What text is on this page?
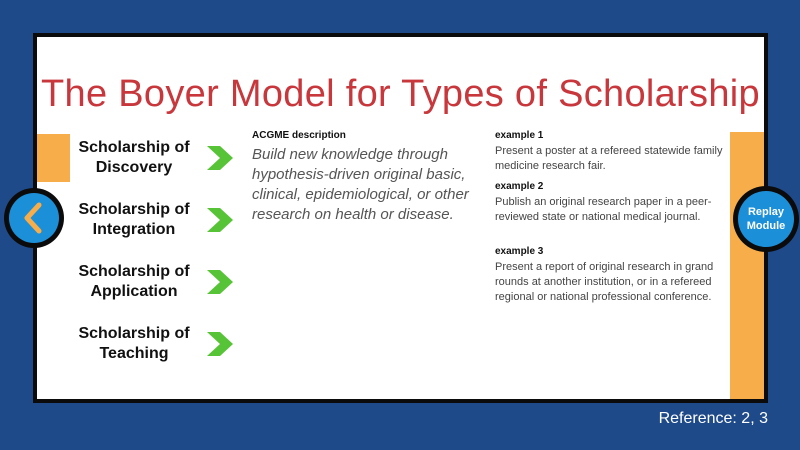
The Boyer Model for Types of Scholarship
Scholarship of
Discovery
Scholarship of
Integration
Scholarship of
Application
Scholarship of
Teaching
ACGME description
Build new knowledge through hypothesis-driven original basic, clinical, epidemiological, or other research on health or disease.
example 1
Present a poster at a refereed statewide family medicine research fair.
example 2
Publish an original research paper in a peer-reviewed state or national medical journal.
example 3
Present a report of original research in grand rounds at another institution, or in a refereed regional or national professional conference.
Replay
Module
Reference: 2, 3
